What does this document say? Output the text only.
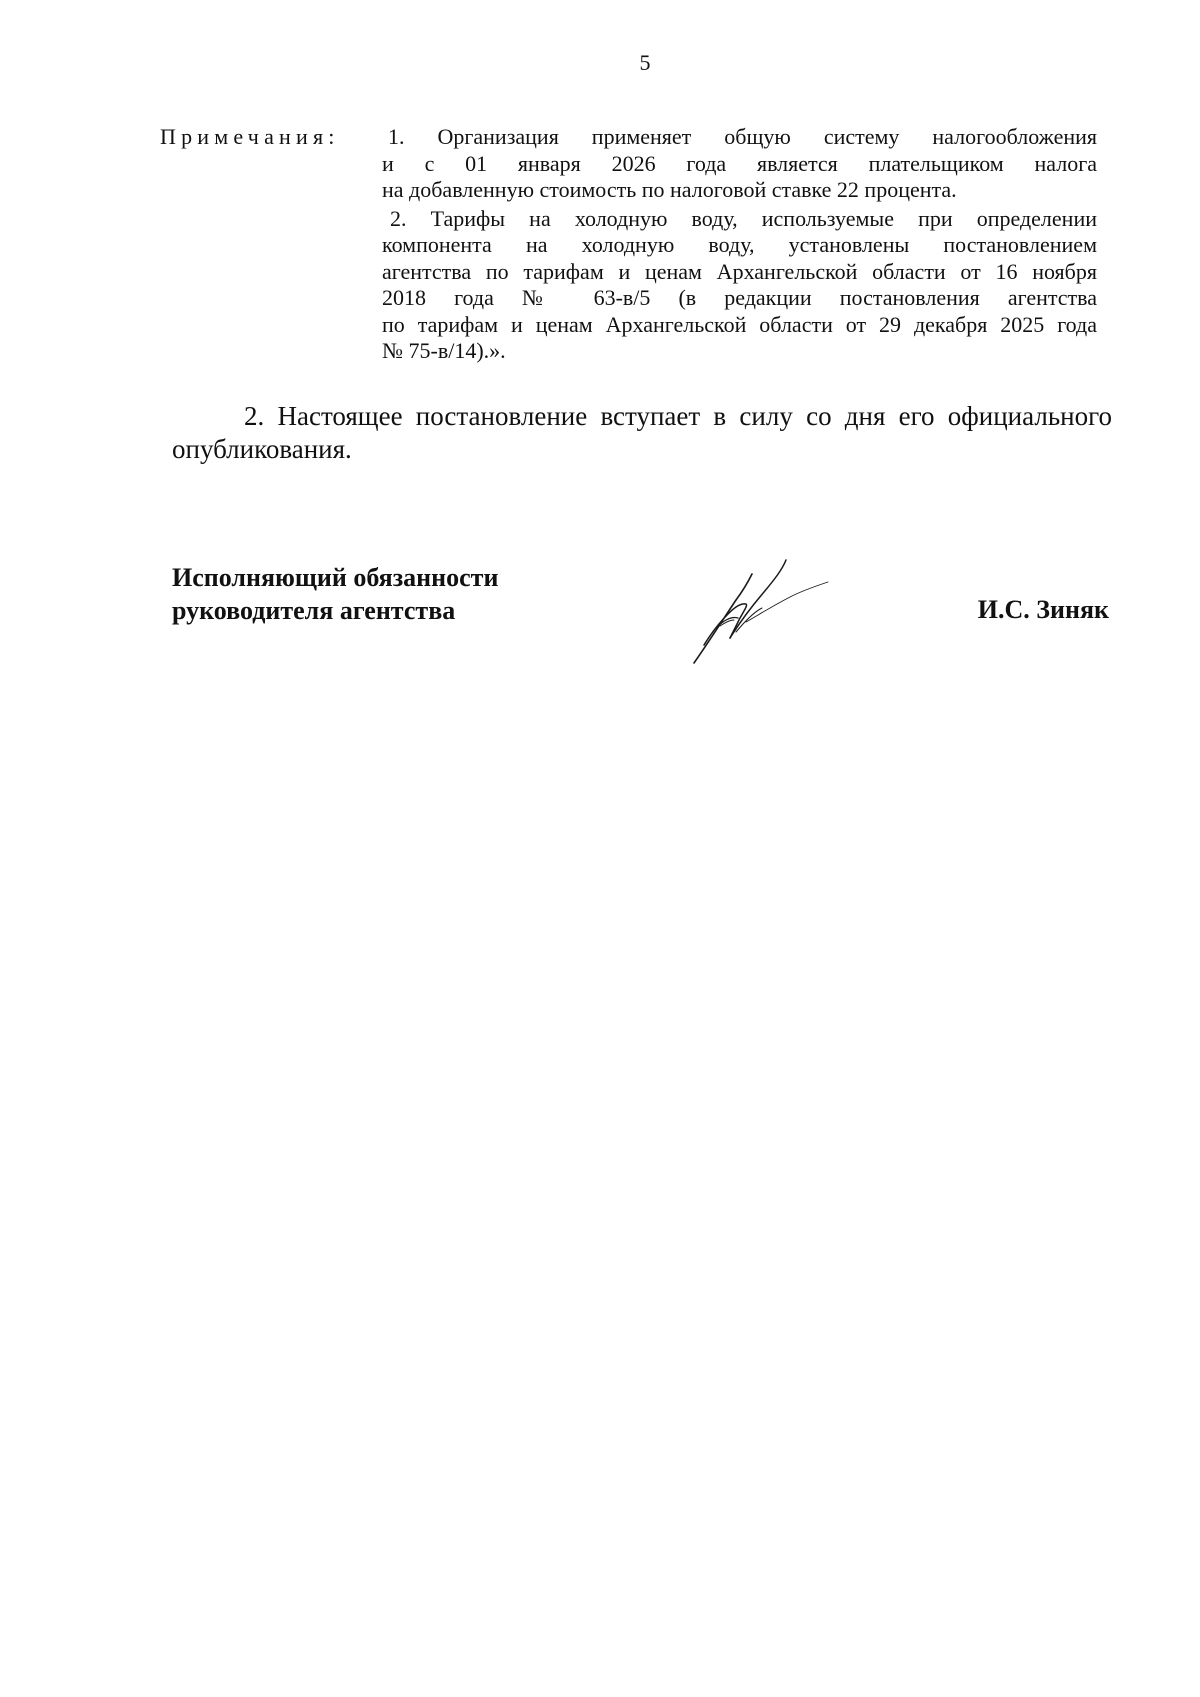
5
Примечания:	1. Организация применяет общую систему налогообложения
и с 01 января 2026 года является плательщиком налога
на добавленную стоимость по налоговой ставке 22 процента.
2. Тарифы на холодную воду, используемые при определении
компонента на холодную воду, установлены постановлением
агентства по тарифам и ценам Архангельской области от 16 ноября
2018 года № 63-в/5 (в редакции постановления агентства
по тарифам и ценам Архангельской области от 29 декабря 2025 года
№ 75-в/14).».
2. Настоящее постановление вступает в силу со дня его официального
опубликования.
Исполняющий обязанности
руководителя агентства	И.С. Зиняк
